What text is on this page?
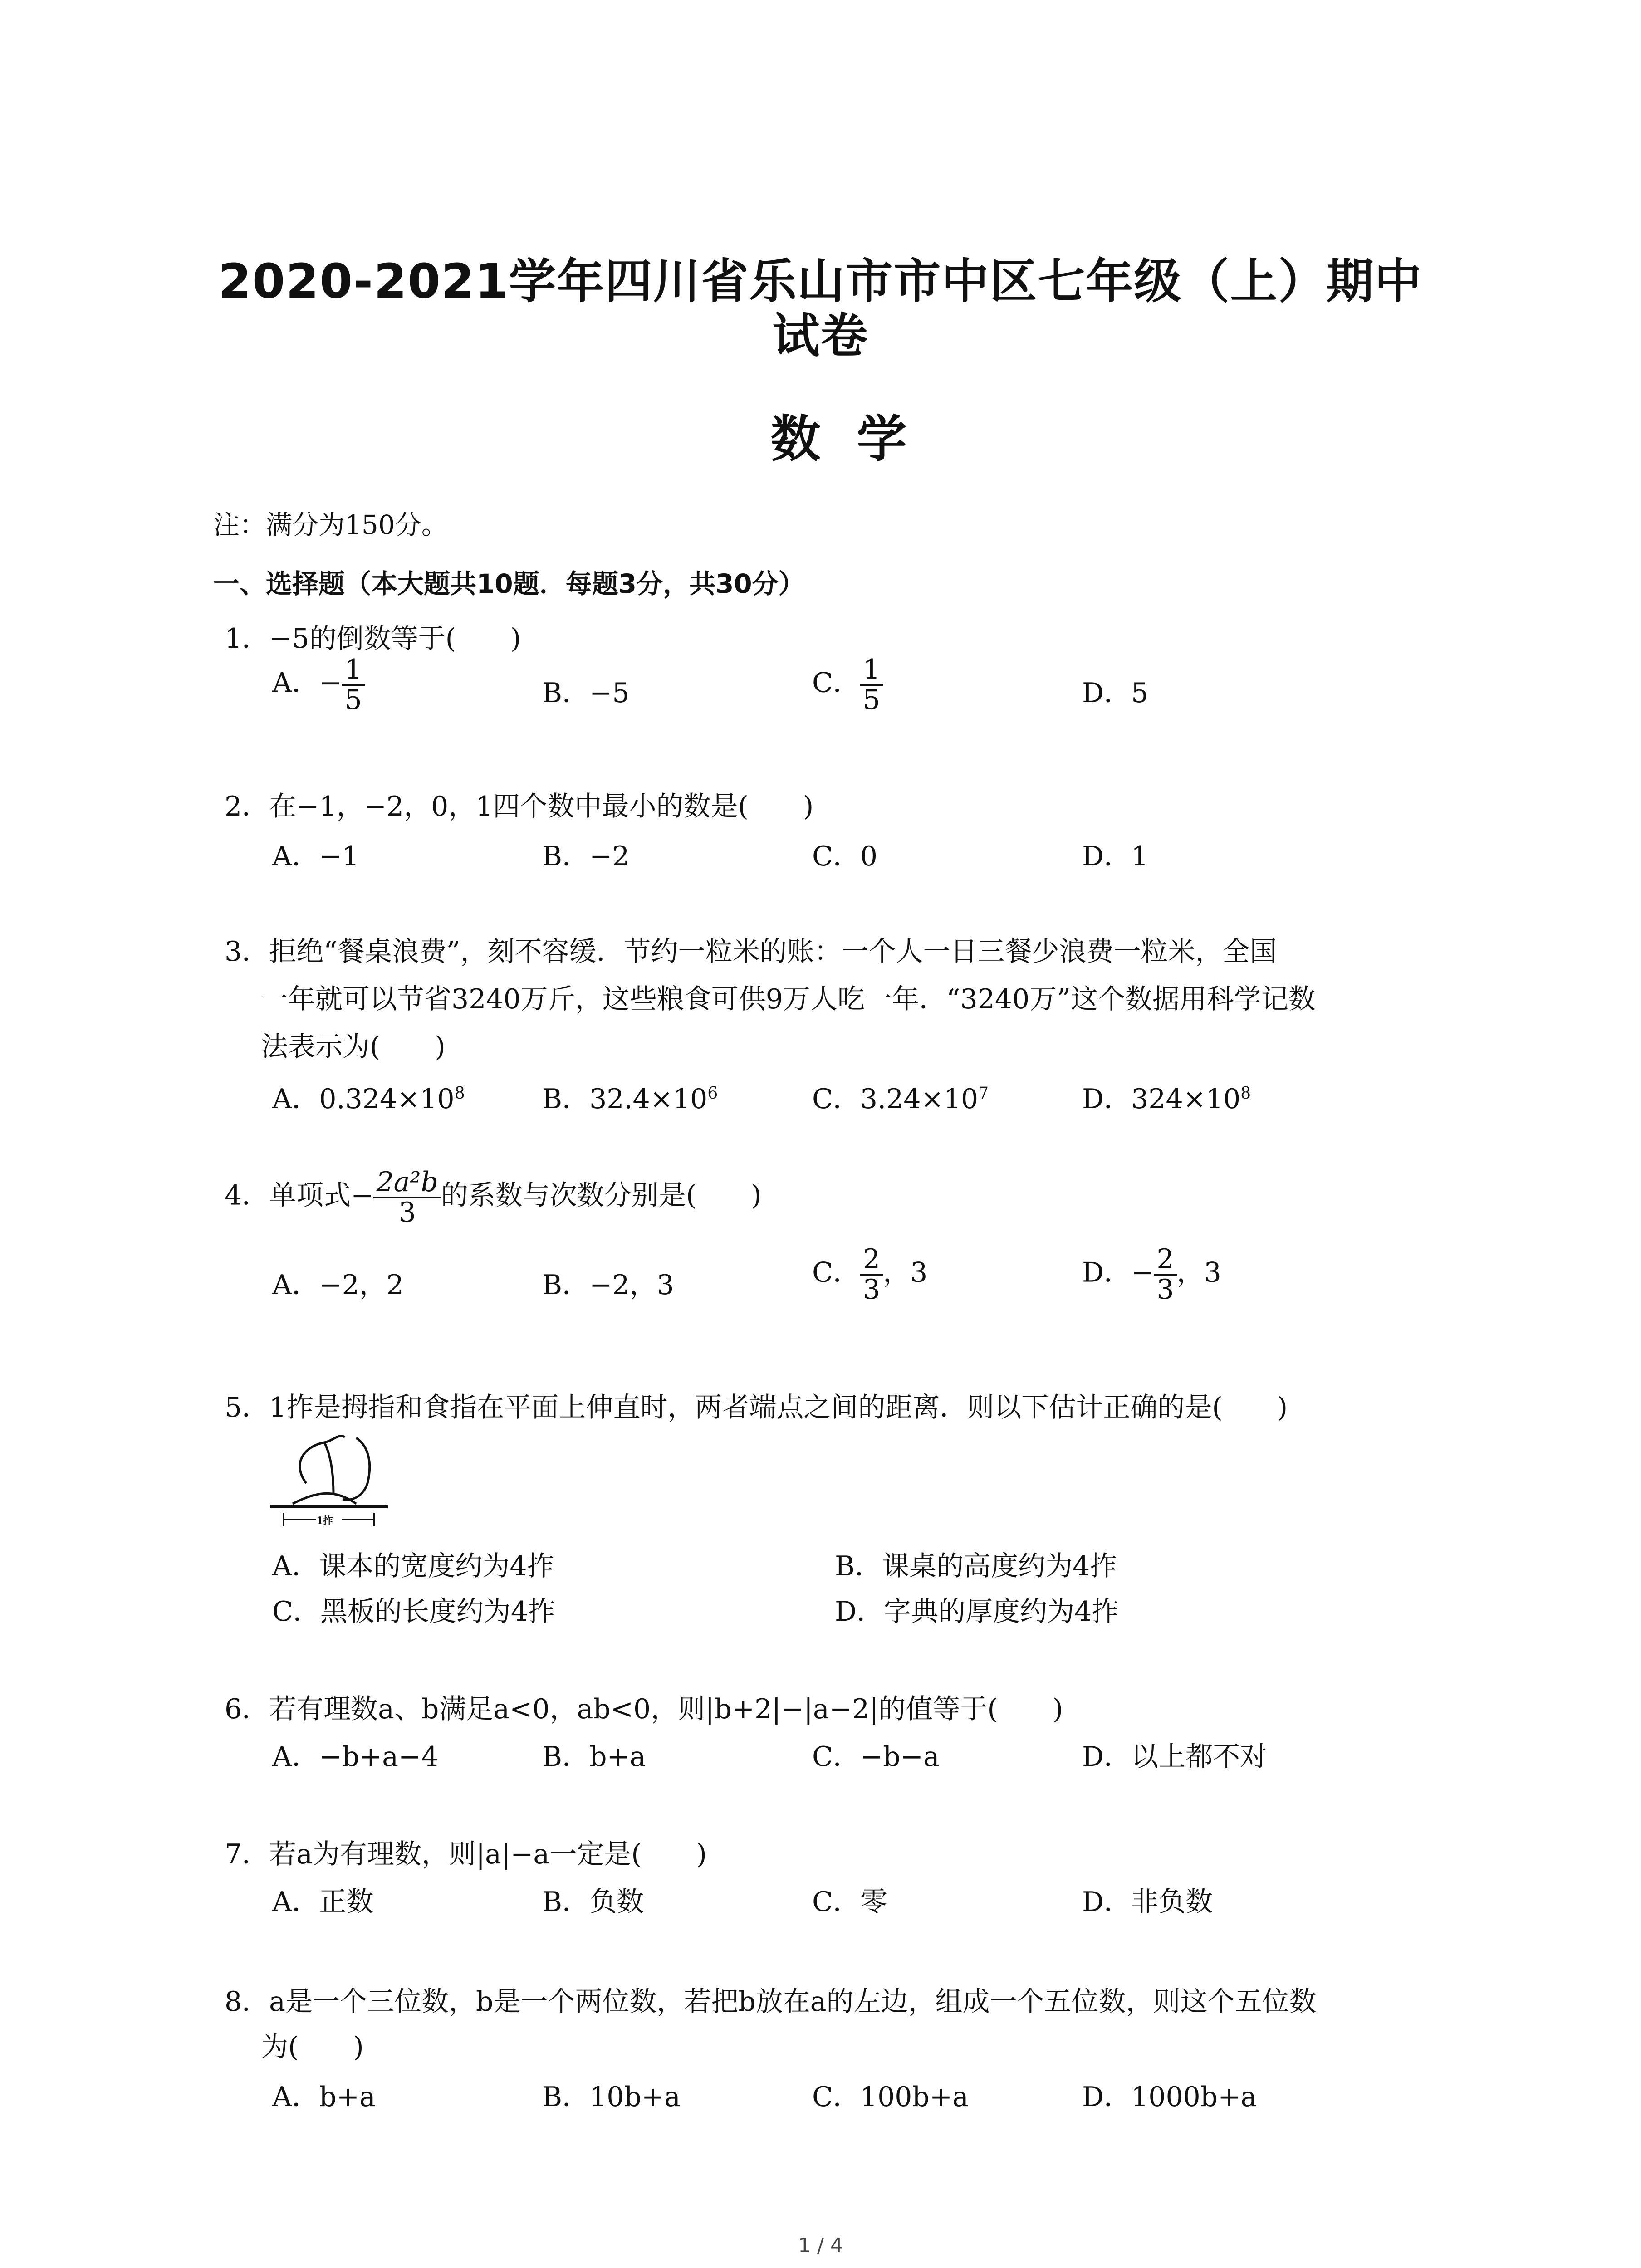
2020-2021学年四川省乐山市市中区七年级（上）期中
试卷
数学
注：满分为150分。
一、选择题（本大题共10题．每题3分，共30分）
1．−5的倒数等于(　　)
A．− $\frac{1}{5}$	B．−5	C． $\frac{1}{5}$	D．5
2．在−1，−2，0，1四个数中最小的数是(　　)
A．−1	B．−2	C．0	D．1
3．拒绝“餐桌浪费”，刻不容缓．节约一粒米的账：一个人一日三餐少浪费一粒米，全国
一年就可以节省3240万斤，这些粮食可供9万人吃一年．“3240万”这个数据用科学记数
法表示为(　　)
A．$0.324\times 10^8$	B．$32.4\times 10^6$	C．$3.24\times 10^7$	D．$324\times 10^8$
4．单项式− $\frac{\text{2a²b}}{3}$ 的系数与次数分别是(　　)
A．−2，2	B．−2，3	C． $\frac{2}{3}$ ，3	D．− $\frac{2}{3}$ ，3
5．1拃是拇指和食指在平面上伸直时，两者端点之间的距离．则以下估计正确的是(　　)
1拃
A．课本的宽度约为4拃	B．课桌的高度约为4拃
C．黑板的长度约为4拃	D．字典的厚度约为4拃
6．若有理数a、b满足a<0，ab<0，则|b+2|−|a−2|的值等于(　　)
A．−b+a−4	B．b+a	C．−b−a	D．以上都不对
7．若a为有理数，则|a|−a一定是(　　)
A．正数	B．负数	C．零	D．非负数
8．a是一个三位数，b是一个两位数，若把b放在a的左边，组成一个五位数，则这个五位数
为(　　)
A．b+a	B．10b+a	C．100b+a	D．1000b+a
1 / 4
